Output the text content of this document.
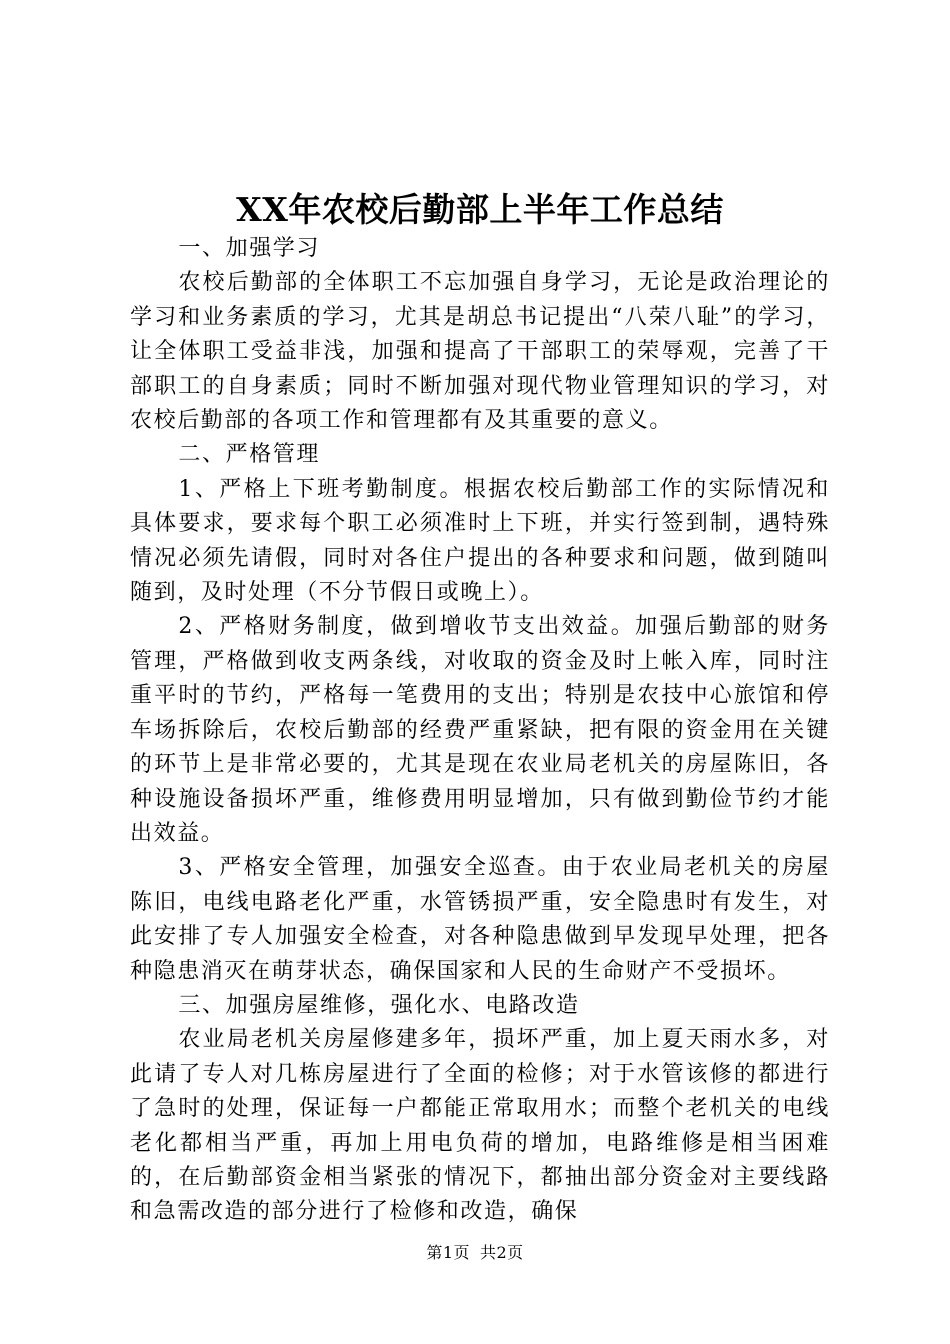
XX年农校后勤部上半年工作总结

一、加强学习

农校后勤部的全体职工不忘加强自身学习，无论是政治理论的学习和业务素质的学习，尤其是胡总书记提出“八荣八耻”的学习，让全体职工受益非浅，加强和提高了干部职工的荣辱观，完善了干部职工的自身素质；同时不断加强对现代物业管理知识的学习，对农校后勤部的各项工作和管理都有及其重要的意义。

二、严格管理

1、严格上下班考勤制度。根据农校后勤部工作的实际情况和具体要求，要求每个职工必须准时上下班，并实行签到制，遇特殊情况必须先请假，同时对各住户提出的各种要求和问题，做到随叫随到，及时处理（不分节假日或晚上）。

2、严格财务制度，做到增收节支出效益。加强后勤部的财务管理，严格做到收支两条线，对收取的资金及时上帐入库，同时注重平时的节约，严格每一笔费用的支出；特别是农技中心旅馆和停车场拆除后，农校后勤部的经费严重紧缺，把有限的资金用在关键的环节上是非常必要的，尤其是现在农业局老机关的房屋陈旧，各种设施设备损坏严重，维修费用明显增加，只有做到勤俭节约才能出效益。

3、严格安全管理，加强安全巡查。由于农业局老机关的房屋陈旧，电线电路老化严重，水管锈损严重，安全隐患时有发生，对此安排了专人加强安全检查，对各种隐患做到早发现早处理，把各种隐患消灭在萌芽状态，确保国家和人民的生命财产不受损坏。

三、加强房屋维修，强化水、电路改造

农业局老机关房屋修建多年，损坏严重，加上夏天雨水多，对此请了专人对几栋房屋进行了全面的检修；对于水管该修的都进行了急时的处理，保证每一户都能正常取用水；而整个老机关的电线老化都相当严重，再加上用电负荷的增加，电路维修是相当困难的，在后勤部资金相当紧张的情况下，都抽出部分资金对主要线路和急需改造的部分进行了检修和改造，确保

第1页 共2页
